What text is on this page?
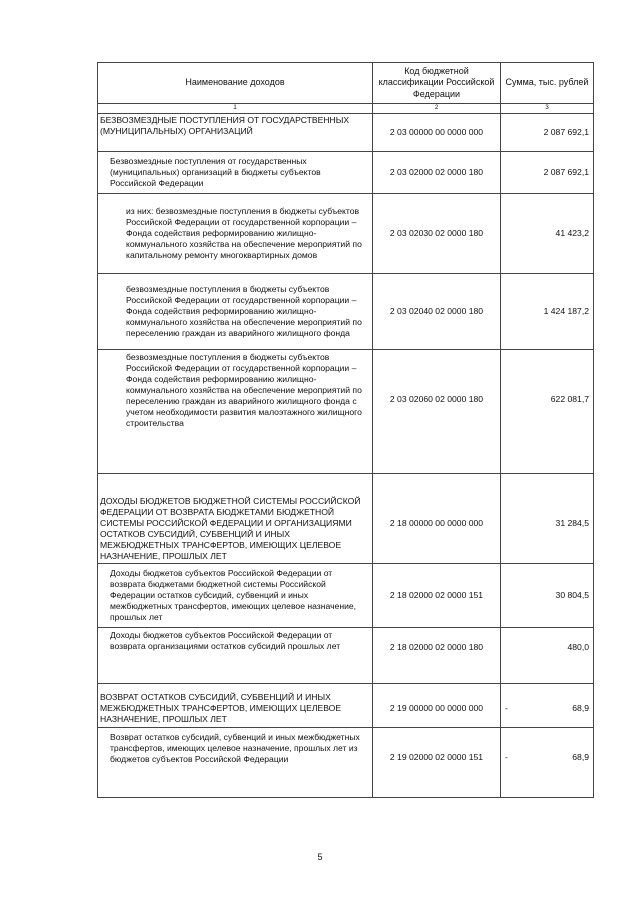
Наименование доходов	Код бюджетной классификации Российской Федерации	Сумма, тыс. рублей
1	2	3
БЕЗВОЗМЕЗДНЫЕ ПОСТУПЛЕНИЯ ОТ ГОСУДАРСТВЕННЫХ (МУНИЦИПАЛЬНЫХ) ОРГАНИЗАЦИЙ	2 03 00000 00 0000 000	2 087 692,1
Безвозмездные поступления от государственных (муниципальных) организаций в бюджеты субъектов Российской Федерации	2 03 02000 02 0000 180	2 087 692,1
из них: безвозмездные поступления в бюджеты субъектов Российской Федерации от государственной корпорации – Фонда содействия реформированию жилищно-коммунального хозяйства на обеспечение мероприятий по капитальному ремонту многоквартирных домов	2 03 02030 02 0000 180	41 423,2
безвозмездные поступления в бюджеты субъектов Российской Федерации от государственной корпорации – Фонда содействия реформированию жилищно-коммунального хозяйства на обеспечение мероприятий по переселению граждан из аварийного жилищного фонда	2 03 02040 02 0000 180	1 424 187,2
безвозмездные поступления в бюджеты субъектов Российской Федерации от государственной корпорации – Фонда содействия реформированию жилищно-коммунального хозяйства на обеспечение мероприятий по переселению граждан из аварийного жилищного фонда с учетом необходимости развития малоэтажного жилищного строительства	2 03 02060 02 0000 180	622 081,7
ДОХОДЫ БЮДЖЕТОВ БЮДЖЕТНОЙ СИСТЕМЫ РОССИЙСКОЙ ФЕДЕРАЦИИ ОТ ВОЗВРАТА БЮДЖЕТАМИ БЮДЖЕТНОЙ СИСТЕМЫ РОССИЙСКОЙ ФЕДЕРАЦИИ И ОРГАНИЗАЦИЯМИ ОСТАТКОВ СУБСИДИЙ, СУБВЕНЦИЙ И ИНЫХ МЕЖБЮДЖЕТНЫХ ТРАНСФЕРТОВ, ИМЕЮЩИХ ЦЕЛЕВОЕ НАЗНАЧЕНИЕ, ПРОШЛЫХ ЛЕТ	2 18 00000 00 0000 000	31 284,5
Доходы бюджетов субъектов Российской Федерации от возврата бюджетами бюджетной системы Российской Федерации остатков субсидий, субвенций и иных межбюджетных трансфертов, имеющих целевое назначение, прошлых лет	2 18 02000 02 0000 151	30 804,5
Доходы бюджетов субъектов Российской Федерации от возврата организациями остатков субсидий прошлых лет	2 18 02000 02 0000 180	480,0
ВОЗВРАТ ОСТАТКОВ СУБСИДИЙ, СУБВЕНЦИЙ И ИНЫХ МЕЖБЮДЖЕТНЫХ ТРАНСФЕРТОВ, ИМЕЮЩИХ ЦЕЛЕВОЕ НАЗНАЧЕНИЕ, ПРОШЛЫХ ЛЕТ	2 19 00000 00 0000 000	- 68,9
Возврат остатков субсидий, субвенций и иных межбюджетных трансфертов, имеющих целевое назначение, прошлых лет из бюджетов субъектов Российской Федерации	2 19 02000 02 0000 151	- 68,9
5
